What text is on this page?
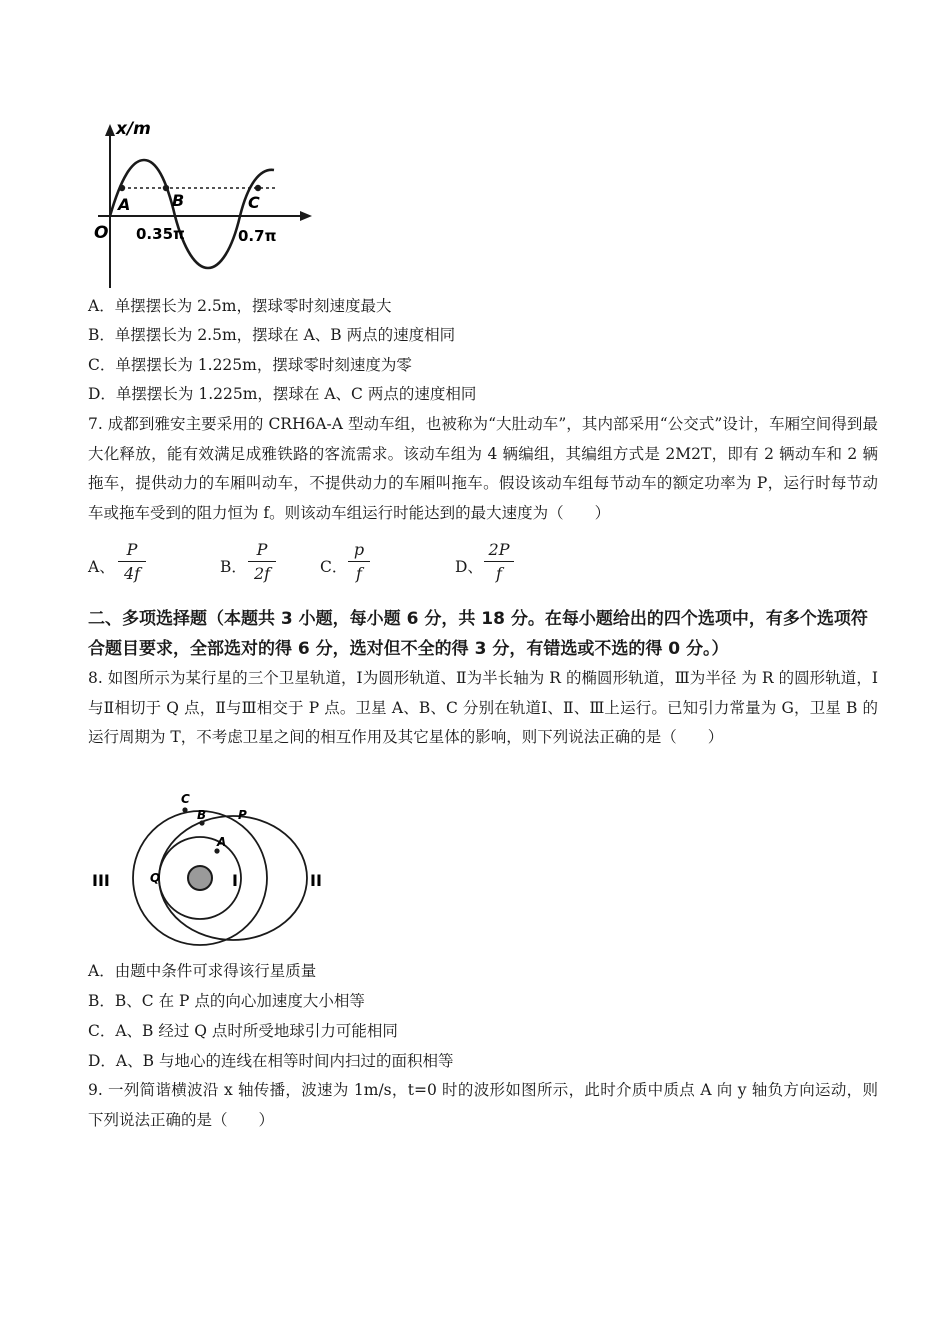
x/m
O
A	B	C
0.35π	0.7π
A．单摆摆长为 2.5m，摆球零时刻速度最大
B．单摆摆长为 2.5m，摆球在 A、B 两点的速度相同
C．单摆摆长为 1.225m，摆球零时刻速度为零
D．单摆摆长为 1.225m，摆球在 A、C 两点的速度相同
7. 成都到雅安主要采用的 CRH6A-A 型动车组，也被称为“大肚动车”，其内部采用“公交式”设计，车厢空间得到最大化释放，能有效满足成雅铁路的客流需求。该动车组为 4 辆编组，其编组方式是 2M2T，即有 2 辆动车和 2 辆拖车，提供动力的车厢叫动车，不提供动力的车厢叫拖车。假设该动车组每节动车的额定功率为 P，运行时每节动车或拖车受到的阻力恒为 f。则该动车组运行时能达到的最大速度为（　　）
A、
P
4f	B．
P
2f	C．
p
f	D、
2P
f
二、多项选择题（本题共 3 小题，每小题 6 分，共 18 分。在每小题给出的四个选项中，有多个选项符合题目要求，全部选对的得 6 分，选对但不全的得 3 分，有错选或不选的得 0 分。）
8. 如图所示为某行星的三个卫星轨道，Ⅰ为圆形轨道、Ⅱ为半长轴为 R 的椭圆形轨道，Ⅲ为半径 为 R 的圆形轨道，Ⅰ与Ⅱ相切于 Q 点，Ⅱ与Ⅲ相交于 P 点。卫星 A、B、C 分别在轨道Ⅰ、Ⅱ、Ⅲ上运行。已知引力常量为 G，卫星 B 的运行周期为 T，不考虑卫星之间的相互作用及其它星体的影响，则下列说法正确的是（　　）
III	I	II
Q
P
C
B
A
A．由题中条件可求得该行星质量
B．B、C 在 P 点的向心加速度大小相等
C．A、B 经过 Q 点时所受地球引力可能相同
D．A、B 与地心的连线在相等时间内扫过的面积相等
9. 一列简谐横波沿 x 轴传播，波速为 1m/s，t=0 时的波形如图所示，此时介质中质点 A 向 y 轴负方向运动，则下列说法正确的是（　　）
